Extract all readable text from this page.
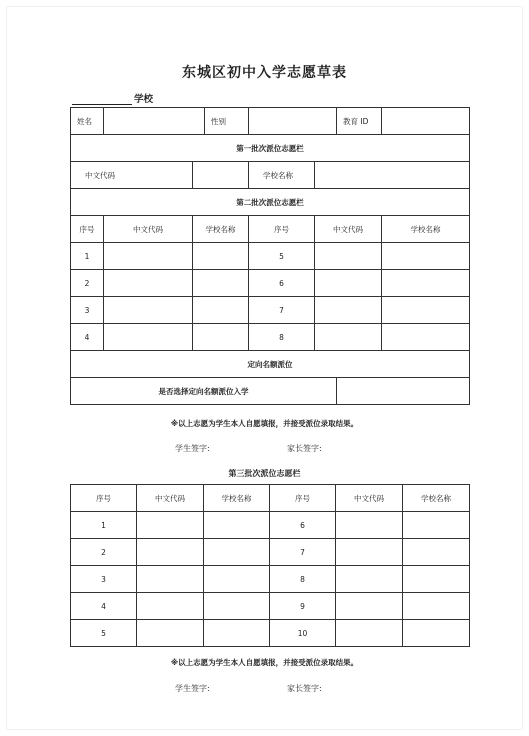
东城区初中入学志愿草表
学校
姓名			性别			教育 ID	
第一批次派位志愿栏							
中文代码				学校名称			
第二批次派位志愿栏							
序号	中文代码	学校名称		序号	中文代码		学校名称
1				5			
2				6			
3				7			
4				8			
定向名额派位							
是否选择定向名额派位入学							
※以上志愿为学生本人自愿填报，并接受派位录取结果。
学生签字:	家长签字:
第三批次派位志愿栏
序号	中文代码	学校名称	序号	中文代码	学校名称
1			6		
2			7		
3			8		
4			9		
5			10		
※以上志愿为学生本人自愿填报，并接受派位录取结果。
学生签字:	家长签字:
